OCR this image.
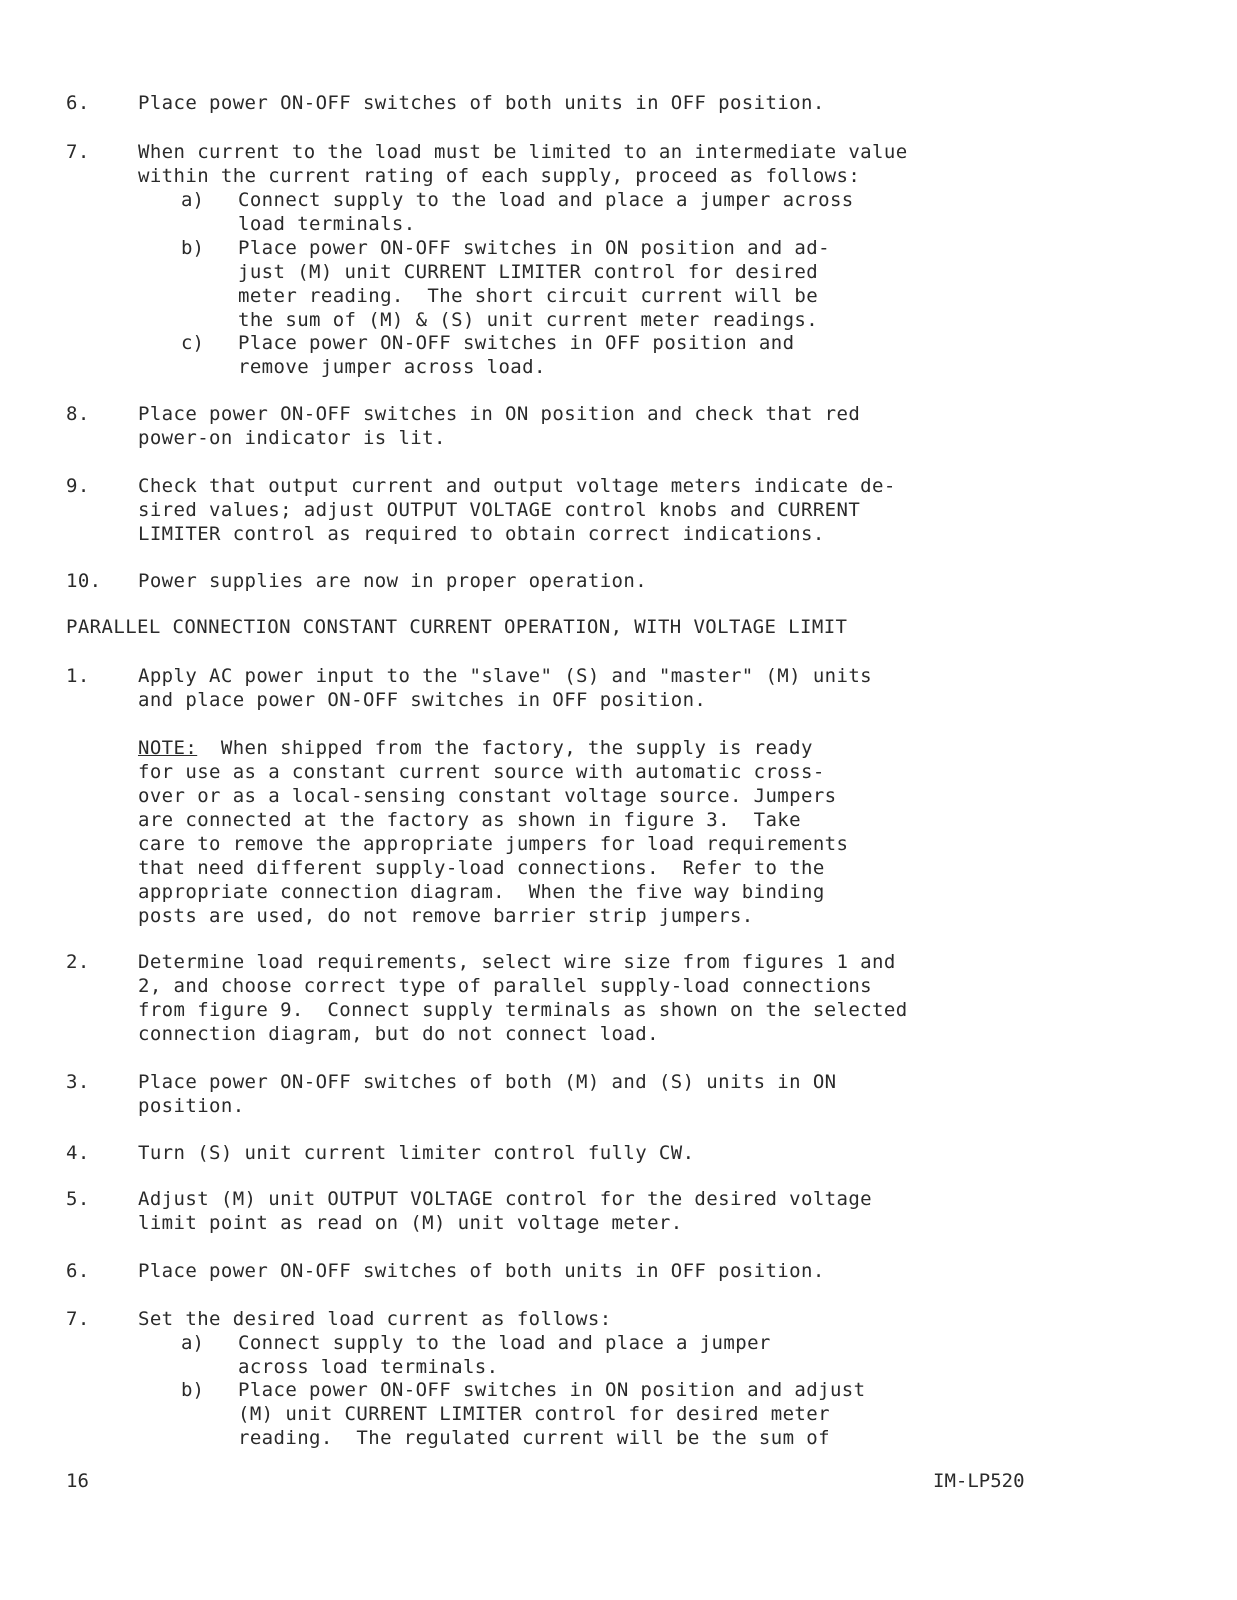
6.	Place power ON-OFF switches of both units in OFF position.
7.	When current to the load must be limited to an intermediate value
within the current rating of each supply, proceed as follows:
a) Connect supply to the load and place a jumper across
load terminals.
b) Place power ON-OFF switches in ON position and ad-
just (M) unit CURRENT LIMITER control for desired
meter reading.  The short circuit current will be
the sum of (M) & (S) unit current meter readings.
c) Place power ON-OFF switches in OFF position and
remove jumper across load.
8.	Place power ON-OFF switches in ON position and check that red
power-on indicator is lit.
9.	Check that output current and output voltage meters indicate de-
sired values; adjust OUTPUT VOLTAGE control knobs and CURRENT
LIMITER control as required to obtain correct indications.
10. Power supplies are now in proper operation.
PARALLEL CONNECTION CONSTANT CURRENT OPERATION, WITH VOLTAGE LIMIT
1.	Apply AC power input to the "slave" (S) and "master" (M) units
and place power ON-OFF switches in OFF position.
NOTE:  When shipped from the factory, the supply is ready
for use as a constant current source with automatic cross-
over or as a local-sensing constant voltage source. Jumpers
are connected at the factory as shown in figure 3.  Take
care to remove the appropriate jumpers for load requirements
that need different supply-load connections.  Refer to the
appropriate connection diagram.  When the five way binding
posts are used, do not remove barrier strip jumpers.
2.	Determine load requirements, select wire size from figures 1 and
2, and choose correct type of parallel supply-load connections
from figure 9.  Connect supply terminals as shown on the selected
connection diagram, but do not connect load.
3.	Place power ON-OFF switches of both (M) and (S) units in ON
position.
4.	Turn (S) unit current limiter control fully CW.
5.	Adjust (M) unit OUTPUT VOLTAGE control for the desired voltage
limit point as read on (M) unit voltage meter.
6.	Place power ON-OFF switches of both units in OFF position.
7.	Set the desired load current as follows:
a) Connect supply to the load and place a jumper
across load terminals.
b) Place power ON-OFF switches in ON position and adjust
(M) unit CURRENT LIMITER control for desired meter
reading.  The regulated current will be the sum of
16	IM-LP520
